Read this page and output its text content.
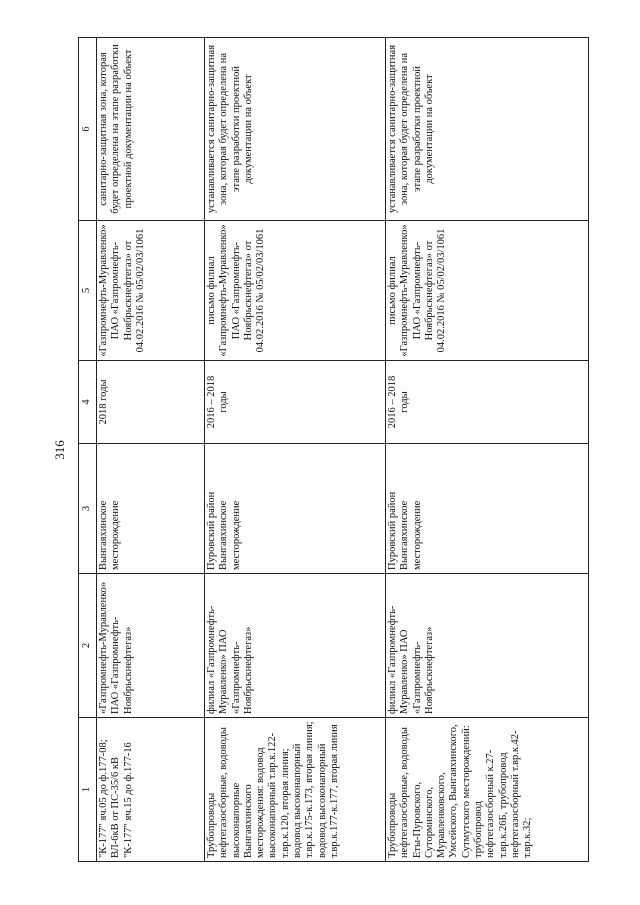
316

1	2	3	4	5	6
"К-177" яч.05 до ф.177-08; ВЛ-6кВ от ПС-35/6 кВ "К-177" яч.15 до ф.177-16	«Газпромнефть-Муравленко» ПАО «Газпромнефть-Ноябрьскнефтегаз»	Вынгаяхинское месторождение	2018 годы	«Газпромнефть-Муравленко» ПАО «Газпромнефть-Ноябрьскнефтегаз» от 04.02.2016 № 05/02/03/1061	санитарно-защитная зона, которая будет определена на этапе разработки проектной документации на объект
Трубопроводы нефтегазосборные, водоводы высоконапорные Вынгаяхинского месторождения: водовод высоконапорный т.вр.к.122-т.вр.к.120, вторая линия; водовод высоконапорный т.вр.к.175-к.173, вторая линия; водовод высоконапорный т.вр.к.177-к.177, вторая линия	филиал «Газпромнефть-Муравленко» ПАО «Газпромнефть-Ноябрьскнефтегаз»	Пуровский район Вынгаяхинское месторождение	2016 – 2018 годы	письмо филиал «Газпромнефть-Муравленко» ПАО «Газпромнефть-Ноябрьскнефтегаз» от 04.02.2016 № 05/02/03/1061	устанавливается санитарно-защитная зона, которая будет определена на этапе разработки проектной документации на объект
Трубопроводы нефтегазосборные, водоводы Еты-Пуровского, Суторминского, Муравленковского, Умсейского, Вынгаяхинского, Сутмутского месторождений: трубопровод нефтегазосборный к.27-т.вр.к.26Б, трубопровод нефтегазосборный т.вр.к.42-т.вр.к.32;	филиал «Газпромнефть-Муравленко» ПАО «Газпромнефть-Ноябрьскнефтегаз»	Пуровский район Вынгаяхинское месторождение	2016 – 2018 годы	письмо филиал «Газпромнефть-Муравленко» ПАО «Газпромнефть-Ноябрьскнефтегаз» от 04.02.2016 № 05/02/03/1061	устанавливается санитарно-защитная зона, которая будет определена на этапе разработки проектной документации на объект
